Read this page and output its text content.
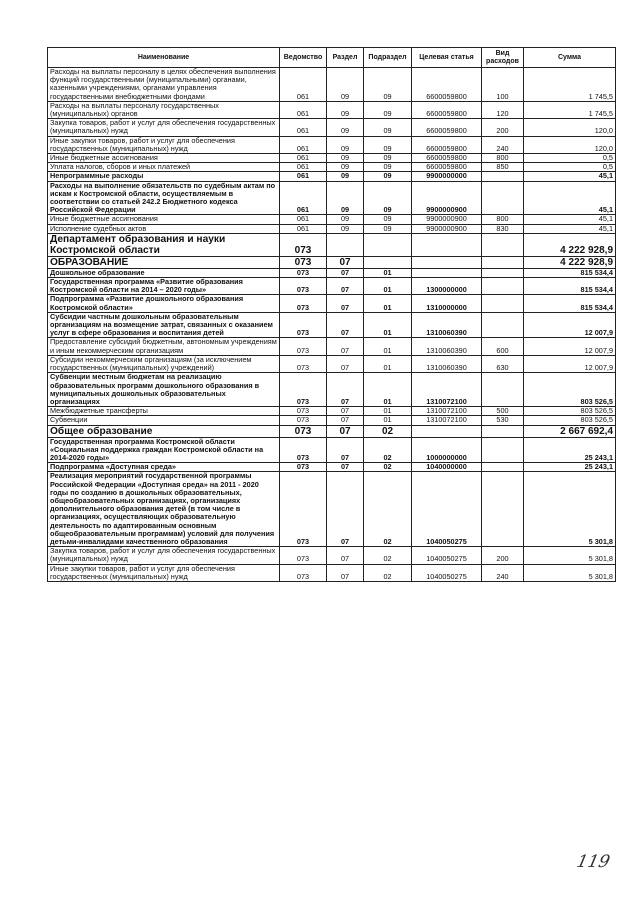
Наименование	Ведомство	Раздел	Подраздел	Целевая статья	Вид расходов	Сумма
Расходы на выплаты персоналу в целях обеспечения выполнения функций государственными (муниципальными) органами, казенными учреждениями, органами управления государственными внебюджетными фондами	061	09	09	6600059800	100	1 745,5
Расходы на выплаты персоналу государственных (муниципальных) органов	061	09	09	6600059800	120	1 745,5
Закупка товаров, работ и услуг для обеспечения государственных (муниципальных) нужд	061	09	09	6600059800	200	120,0
Иные закупки товаров, работ и услуг для обеспечения государственных (муниципальных) нужд	061	09	09	6600059800	240	120,0
Иные бюджетные ассигнования	061	09	09	6600059800	800	0,5
Уплата налогов, сборов и иных платежей	061	09	09	6600059800	850	0,5
Непрограммные расходы	061	09	09	9900000000		45,1
Расходы на выполнение обязательств по судебным актам по искам к Костромской области, осуществляемым в соответствии со статьей 242.2 Бюджетного кодекса Российской Федерации	061	09	09	9900000900		45,1
Иные бюджетные ассигнования	061	09	09	9900000900	800	45,1
Исполнение судебных актов	061	09	09	9900000900	830	45,1
Департамент образования и науки Костромской области	073					4 222 928,9
ОБРАЗОВАНИЕ	073	07				4 222 928,9
Дошкольное образование	073	07	01			815 534,4
Государственная программа «Развитие образования Костромской области на 2014 – 2020 годы»	073	07	01	1300000000		815 534,4
Подпрограмма «Развитие дошкольного образования Костромской области»	073	07	01	1310000000		815 534,4
Субсидии частным дошкольным образовательным организациям на возмещение затрат, связанных с оказанием услуг в сфере образования и воспитания детей	073	07	01	1310060390		12 007,9
Предоставление субсидий бюджетным, автономным учреждениям и иным некоммерческим организациям	073	07	01	1310060390	600	12 007,9
Субсидии некоммерческим организациям (за исключением государственных (муниципальных) учреждений)	073	07	01	1310060390	630	12 007,9
Субвенции местным бюджетам на реализацию образовательных программ дошкольного образования в муниципальных дошкольных образовательных организациях	073	07	01	1310072100		803 526,5
Межбюджетные трансферты	073	07	01	1310072100	500	803 526,5
Субвенции	073	07	01	1310072100	530	803 526,5
Общее образование	073	07	02			2 667 692,4
Государственная программа Костромской области «Социальная поддержка граждан Костромской области на 2014-2020 годы»	073	07	02	1000000000		25 243,1
Подпрограмма «Доступная среда»	073	07	02	1040000000		25 243,1
Реализация мероприятий государственной программы Российской Федерации «Доступная среда» на 2011 - 2020 годы по созданию в дошкольных образовательных, общеобразовательных организациях, организациях дополнительного образования детей (в том числе в организациях, осуществляющих образовательную деятельность по адаптированным основным общеобразовательным программам) условий для получения детьми-инвалидами качественного образования	073	07	02	1040050275		5 301,8
Закупка товаров, работ и услуг для обеспечения государственных (муниципальных) нужд	073	07	02	1040050275	200	5 301,8
Иные закупки товаров, работ и услуг для обеспечения государственных (муниципальных) нужд	073	07	02	1040050275	240	5 301,8
119
